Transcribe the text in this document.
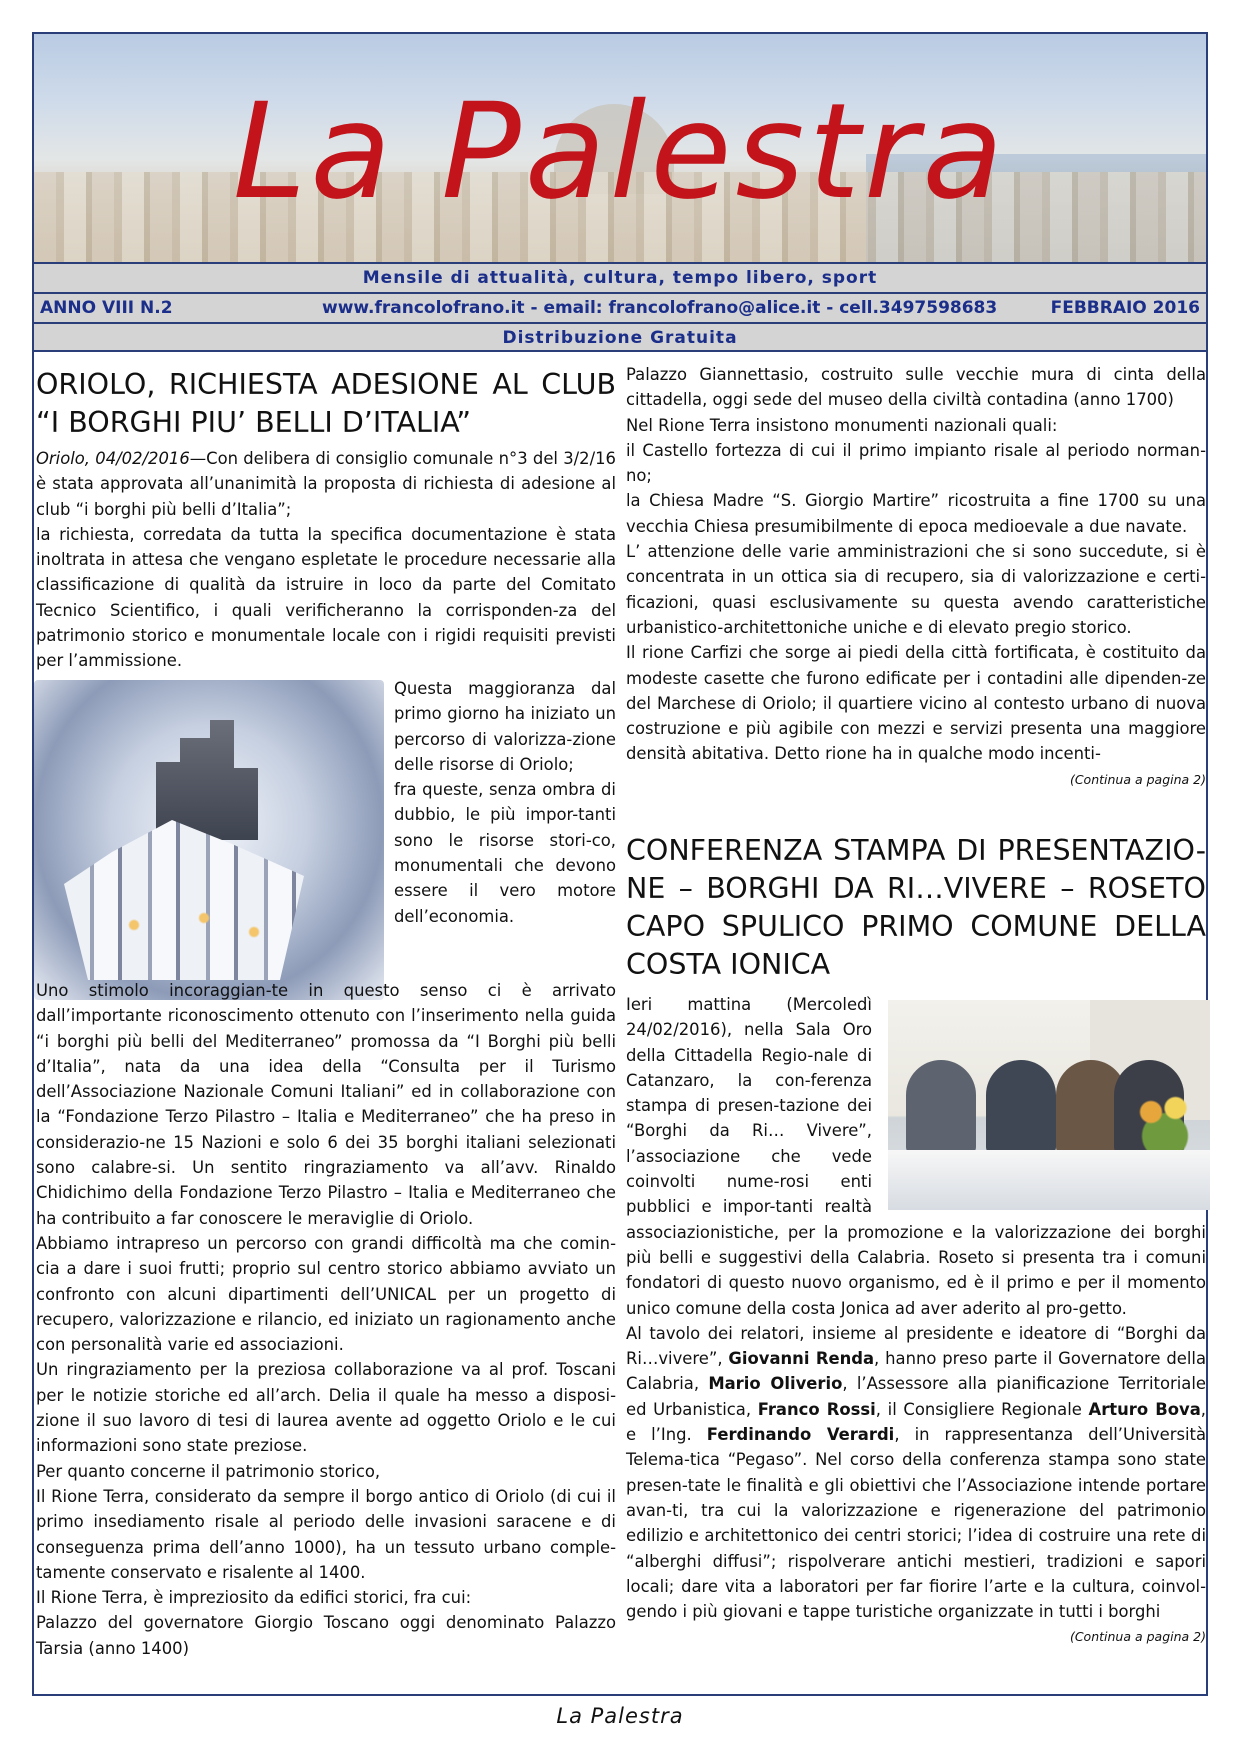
La Palestra
Mensile di attualità, cultura, tempo libero, sport
ANNO VIII N.2	www.francolofrano.it - email: francolofrano@alice.it - cell.3497598683	FEBBRAIO 2016
Distribuzione Gratuita
ORIOLO, RICHIESTA ADESIONE AL CLUB “I BORGHI PIU’ BELLI D’ITALIA”

Oriolo, 04/02/2016—Con delibera di consiglio comunale n°3 del 3/2/16 è stata approvata all’unanimità la proposta di richiesta di adesione al club “i borghi più belli d’Italia”;

la richiesta, corredata da tutta la specifica documentazione è stata inoltrata in attesa che vengano espletate le procedure necessarie alla classificazione di qualità da istruire in loco da parte del Comitato Tecnico Scientifico, i quali verificheranno la corrisponden-za del patrimonio storico e monumentale locale con i rigidi requisiti previsti per l’ammissione.

Questa maggioranza dal primo giorno ha iniziato un percorso di valorizza-zione delle risorse di Oriolo;

fra queste, senza ombra di dubbio, le più impor-tanti sono le risorse stori-co, monumentali che devono essere il vero motore dell’economia.

Uno stimolo incoraggian-te in questo senso ci è arrivato dall’importante riconoscimento ottenuto con l’inserimento nella guida “i borghi più belli del Mediterraneo” promossa da “I Borghi più belli d’Italia”, nata da una idea della “Consulta per il Turismo dell’Associazione Nazionale Comuni Italiani” ed in collaborazione con la “Fondazione Terzo Pilastro – Italia e Mediterraneo” che ha preso in considerazio-ne 15 Nazioni e solo 6 dei 35 borghi italiani selezionati sono calabre-si. Un sentito ringraziamento va all’avv. Rinaldo Chidichimo della Fondazione Terzo Pilastro – Italia e Mediterraneo che ha contribuito a far conoscere le meraviglie di Oriolo.

Abbiamo intrapreso un percorso con grandi difficoltà ma che comin-cia a dare i suoi frutti; proprio sul centro storico abbiamo avviato un confronto con alcuni dipartimenti dell’UNICAL per un progetto di recupero, valorizzazione e rilancio, ed iniziato un ragionamento anche con personalità varie ed associazioni.

Un ringraziamento per la preziosa collaborazione va al prof. Toscani per le notizie storiche ed all’arch. Delia il quale ha messo a disposi-zione il suo lavoro di tesi di laurea avente ad oggetto Oriolo e le cui informazioni sono state preziose.

Per quanto concerne il patrimonio storico,

Il Rione Terra, considerato da sempre il borgo antico di Oriolo (di cui il primo insediamento risale al periodo delle invasioni saracene e di conseguenza prima dell’anno 1000), ha un tessuto urbano comple-tamente conservato e risalente al 1400.

Il Rione Terra, è impreziosito da edifici storici, fra cui:

Palazzo del governatore Giorgio Toscano oggi denominato Palazzo Tarsia (anno 1400)

Palazzo Giannettasio, costruito sulle vecchie mura di cinta della cittadella, oggi sede del museo della civiltà contadina (anno 1700)

Nel Rione Terra insistono monumenti nazionali quali:

il Castello fortezza di cui il primo impianto risale al periodo norman-no;

la Chiesa Madre “S. Giorgio Martire” ricostruita a fine 1700 su una vecchia Chiesa presumibilmente di epoca medioevale a due navate.

L’ attenzione delle varie amministrazioni che si sono succedute, si è concentrata in un ottica sia di recupero, sia di valorizzazione e certi-ficazioni, quasi esclusivamente su questa avendo caratteristiche urbanistico-architettoniche uniche e di elevato pregio storico.

Il rione Carfizi che sorge ai piedi della città fortificata, è costituito da modeste casette che furono edificate per i contadini alle dipenden-ze del Marchese di Oriolo; il quartiere vicino al contesto urbano di nuova costruzione e più agibile con mezzi e servizi presenta una maggiore densità abitativa. Detto rione ha in qualche modo incenti-

(Continua a pagina 2)

CONFERENZA STAMPA DI PRESENTAZIO-NE – BORGHI DA RI…VIVERE – ROSETO CAPO SPULICO PRIMO COMUNE DELLA COSTA IONICA

Ieri mattina (Mercoledì 24/02/2016), nella Sala Oro della Cittadella Regio-nale di Catanzaro, la con-ferenza stampa di presen-tazione dei “Borghi da Ri… Vivere”, l’associazione che vede coinvolti nume-rosi enti pubblici e impor-tanti realtà associazionistiche, per la promozione e la valorizzazione dei borghi più belli e suggestivi della Calabria. Roseto si presenta tra i comuni fondatori di questo nuovo organismo, ed è il primo e per il momento unico comune della costa Jonica ad aver aderito al pro-getto.

Al tavolo dei relatori, insieme al presidente e ideatore di “Borghi da Ri…vivere”, Giovanni Renda, hanno preso parte il Governatore della Calabria, Mario Oliverio, l’Assessore alla pianificazione Territoriale ed Urbanistica, Franco Rossi, il Consigliere Regionale Arturo Bova, e l’Ing. Ferdinando Verardi, in rappresentanza dell’Università Telema-tica “Pegaso”. Nel corso della conferenza stampa sono state presen-tate le finalità e gli obiettivi che l’Associazione intende portare avan-ti, tra cui la valorizzazione e rigenerazione del patrimonio edilizio e architettonico dei centri storici; l’idea di costruire una rete di “alberghi diffusi”; rispolverare antichi mestieri, tradizioni e sapori locali; dare vita a laboratori per far fiorire l’arte e la cultura, coinvol-gendo i più giovani e tappe turistiche organizzate in tutti i borghi

(Continua a pagina 2)

La Palestra
